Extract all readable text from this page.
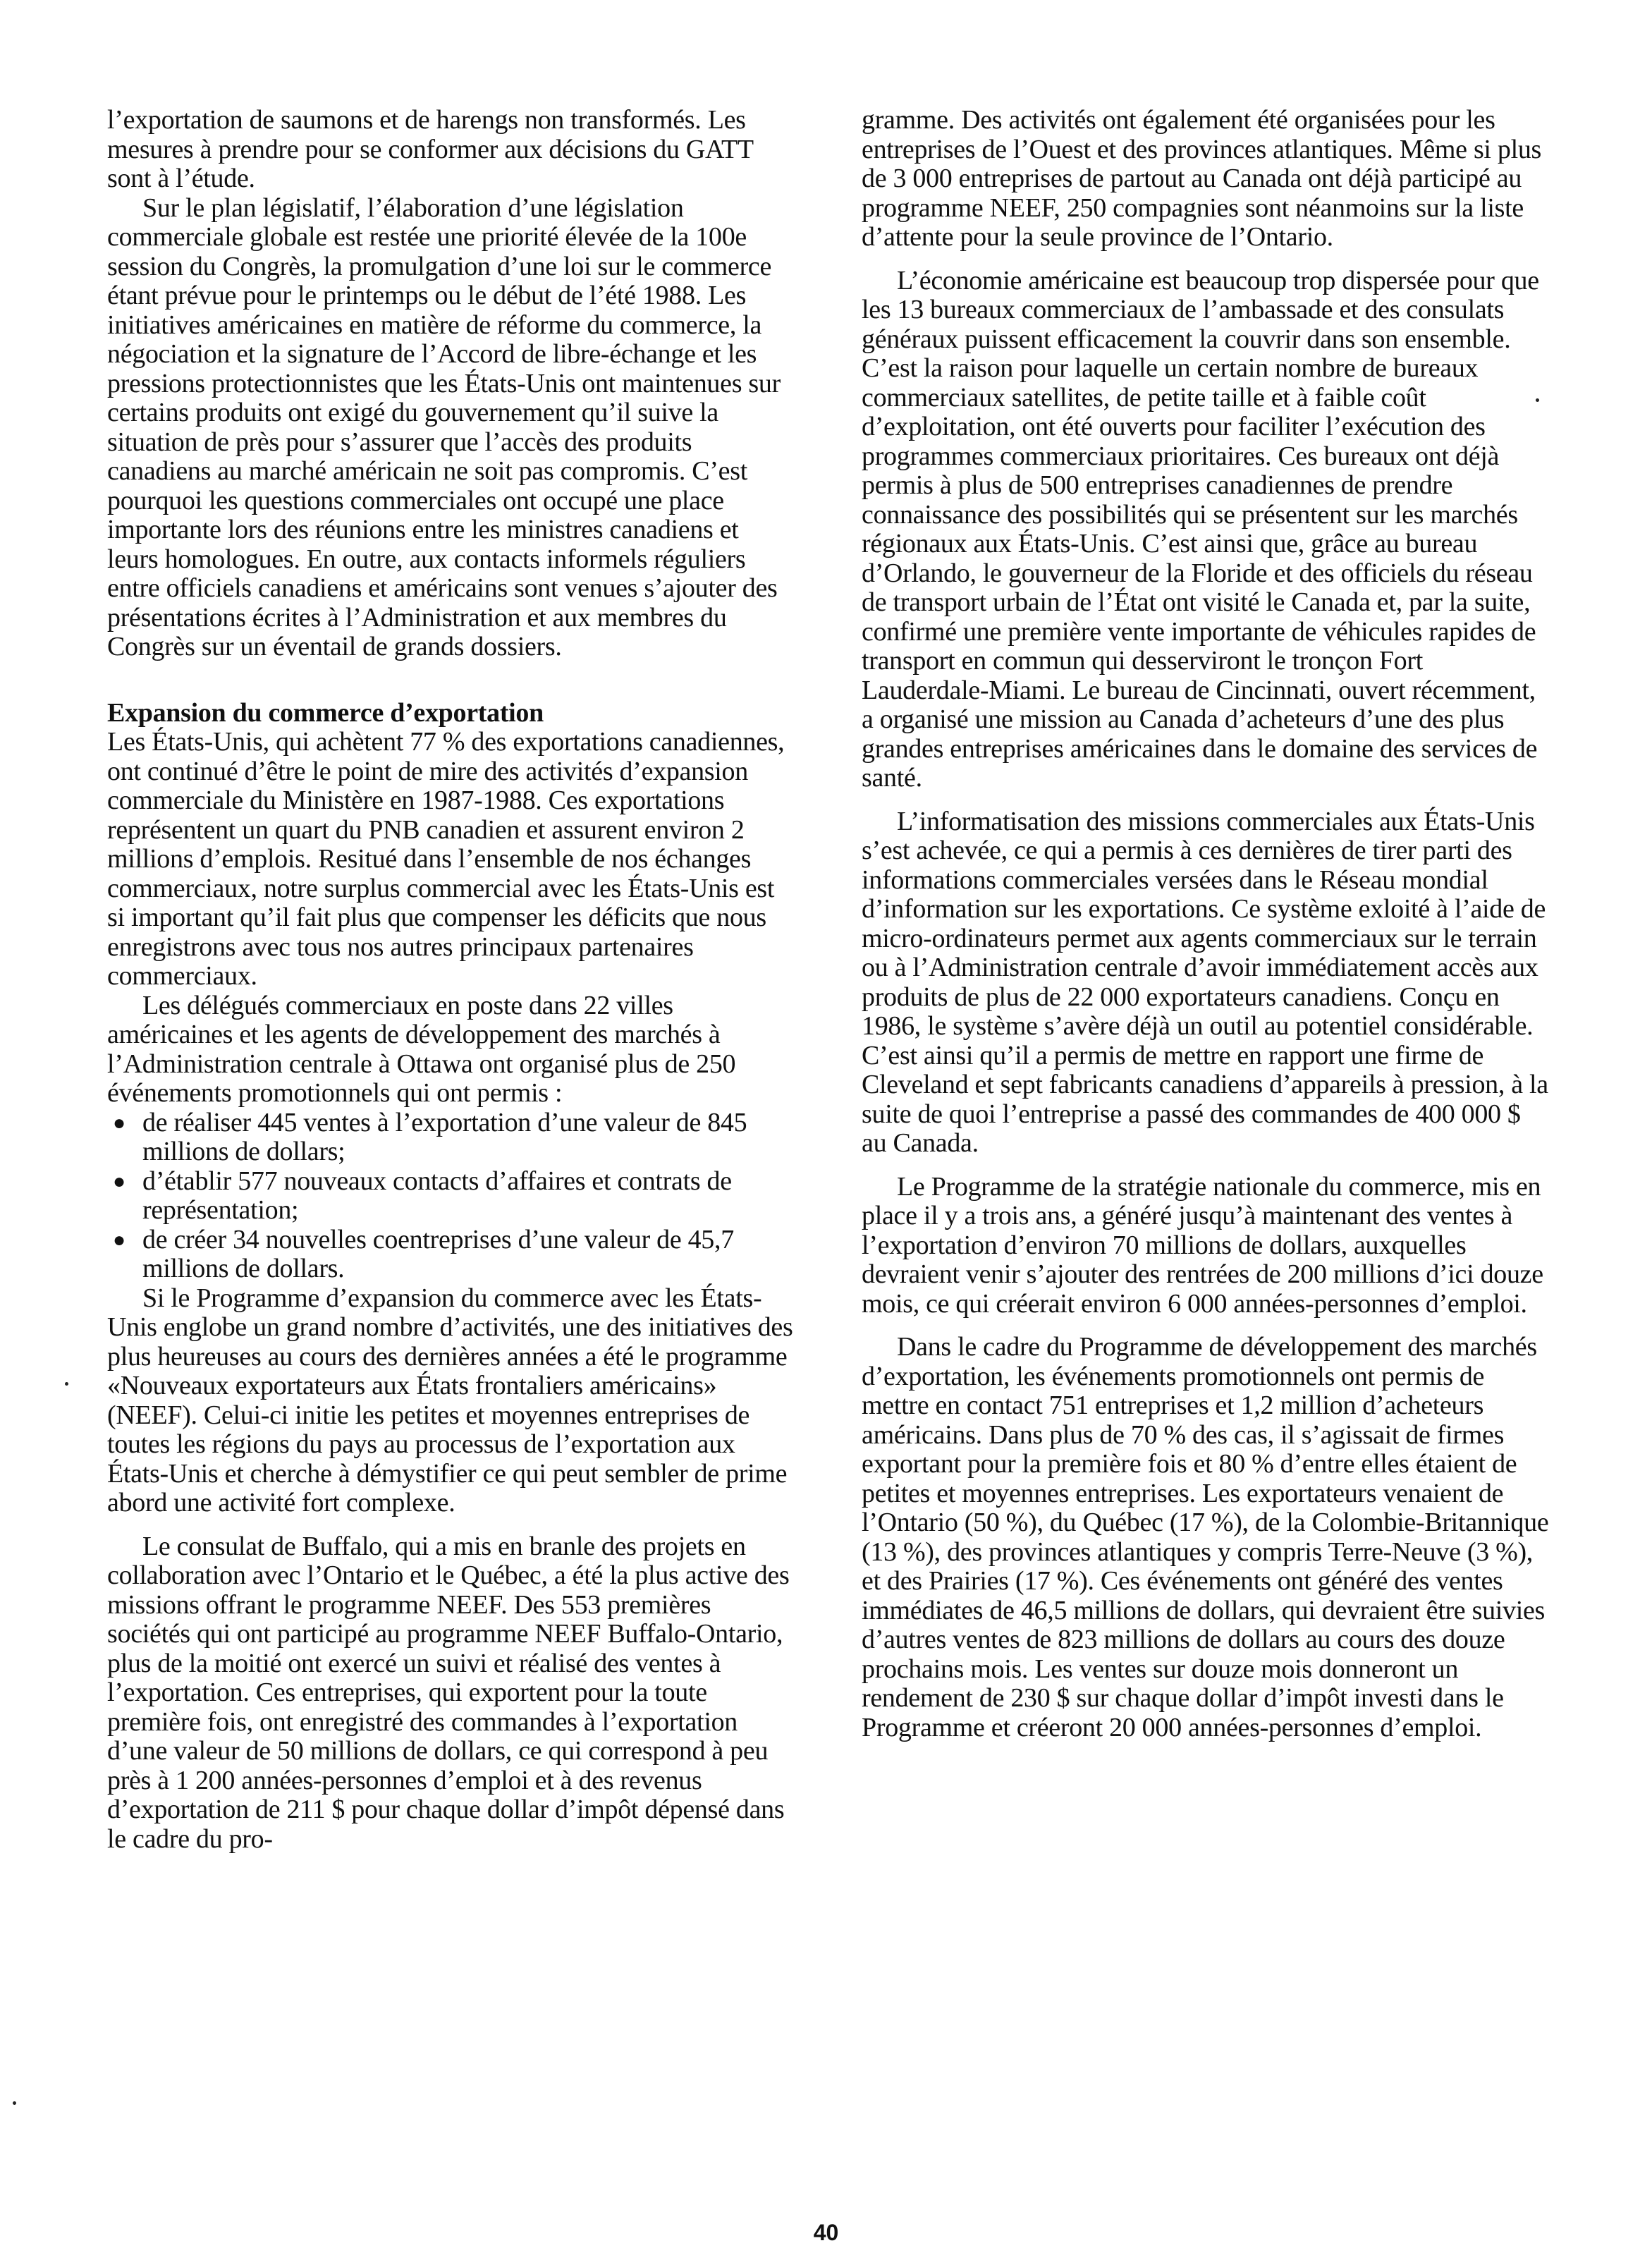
l’exportation de saumons et de harengs non transformés. Les mesures à prendre pour se conformer aux décisions du GATT sont à l’étude.

Sur le plan législatif, l’élaboration d’une législation commerciale globale est restée une priorité élevée de la 100e session du Congrès, la promulgation d’une loi sur le commerce étant prévue pour le printemps ou le début de l’été 1988. Les initiatives américaines en matière de réforme du commerce, la négociation et la signature de l’Accord de libre-échange et les pressions protectionnistes que les États-Unis ont maintenues sur certains produits ont exigé du gouvernement qu’il suive la situation de près pour s’assurer que l’accès des produits canadiens au marché américain ne soit pas compromis. C’est pourquoi les questions commerciales ont occupé une place importante lors des réunions entre les ministres canadiens et leurs homologues. En outre, aux contacts informels réguliers entre officiels canadiens et américains sont venues s’ajouter des présentations écrites à l’Administration et aux membres du Congrès sur un éventail de grands dossiers.

Expansion du commerce d’exportation

Les États-Unis, qui achètent 77 % des exportations canadiennes, ont continué d’être le point de mire des activités d’expansion commerciale du Ministère en 1987-1988. Ces exportations représentent un quart du PNB canadien et assurent environ 2 millions d’emplois. Resitué dans l’ensemble de nos échanges commerciaux, notre surplus commercial avec les États-Unis est si important qu’il fait plus que compenser les déficits que nous enregistrons avec tous nos autres principaux partenaires commerciaux.

Les délégués commerciaux en poste dans 22 villes américaines et les agents de développement des marchés à l’Administration centrale à Ottawa ont organisé plus de 250 événements promotionnels qui ont permis :

● de réaliser 445 ventes à l’exportation d’une valeur de 845 millions de dollars;
● d’établir 577 nouveaux contacts d’affaires et contrats de représentation;
● de créer 34 nouvelles coentreprises d’une valeur de 45,7 millions de dollars.

Si le Programme d’expansion du commerce avec les États-Unis englobe un grand nombre d’activités, une des initiatives des plus heureuses au cours des dernières années a été le programme «Nouveaux exportateurs aux États frontaliers américains» (NEEF). Celui-ci initie les petites et moyennes entreprises de toutes les régions du pays au processus de l’exportation aux États-Unis et cherche à démystifier ce qui peut sembler de prime abord une activité fort complexe.

Le consulat de Buffalo, qui a mis en branle des projets en collaboration avec l’Ontario et le Québec, a été la plus active des missions offrant le programme NEEF. Des 553 premières sociétés qui ont participé au programme NEEF Buffalo-Ontario, plus de la moitié ont exercé un suivi et réalisé des ventes à l’exportation. Ces entreprises, qui exportent pour la toute première fois, ont enregistré des commandes à l’exportation d’une valeur de 50 millions de dollars, ce qui correspond à peu près à 1 200 années-personnes d’emploi et à des revenus d’exportation de 211 $ pour chaque dollar d’impôt dépensé dans le cadre du pro-

gramme. Des activités ont également été organisées pour les entreprises de l’Ouest et des provinces atlantiques. Même si plus de 3 000 entreprises de partout au Canada ont déjà participé au programme NEEF, 250 compagnies sont néanmoins sur la liste d’attente pour la seule province de l’Ontario.

L’économie américaine est beaucoup trop dispersée pour que les 13 bureaux commerciaux de l’ambassade et des consulats généraux puissent efficacement la couvrir dans son ensemble. C’est la raison pour laquelle un certain nombre de bureaux commerciaux satellites, de petite taille et à faible coût d’exploitation, ont été ouverts pour faciliter l’exécution des programmes commerciaux prioritaires. Ces bureaux ont déjà permis à plus de 500 entreprises canadiennes de prendre connaissance des possibilités qui se présentent sur les marchés régionaux aux États-Unis. C’est ainsi que, grâce au bureau d’Orlando, le gouverneur de la Floride et des officiels du réseau de transport urbain de l’État ont visité le Canada et, par la suite, confirmé une première vente importante de véhicules rapides de transport en commun qui desserviront le tronçon Fort Lauderdale-Miami. Le bureau de Cincinnati, ouvert récemment, a organisé une mission au Canada d’acheteurs d’une des plus grandes entreprises américaines dans le domaine des services de santé.

L’informatisation des missions commerciales aux États-Unis s’est achevée, ce qui a permis à ces dernières de tirer parti des informations commerciales versées dans le Réseau mondial d’information sur les exportations. Ce système exloité à l’aide de micro-ordinateurs permet aux agents commerciaux sur le terrain ou à l’Administration centrale d’avoir immédiatement accès aux produits de plus de 22 000 exportateurs canadiens. Conçu en 1986, le système s’avère déjà un outil au potentiel considérable. C’est ainsi qu’il a permis de mettre en rapport une firme de Cleveland et sept fabricants canadiens d’appareils à pression, à la suite de quoi l’entreprise a passé des commandes de 400 000 $ au Canada.

Le Programme de la stratégie nationale du commerce, mis en place il y a trois ans, a généré jusqu’à maintenant des ventes à l’exportation d’environ 70 millions de dollars, auxquelles devraient venir s’ajouter des rentrées de 200 millions d’ici douze mois, ce qui créerait environ 6 000 années-personnes d’emploi.

Dans le cadre du Programme de développement des marchés d’exportation, les événements promotionnels ont permis de mettre en contact 751 entreprises et 1,2 million d’acheteurs américains. Dans plus de 70 % des cas, il s’agissait de firmes exportant pour la première fois et 80 % d’entre elles étaient de petites et moyennes entreprises. Les exportateurs venaient de l’Ontario (50 %), du Québec (17 %), de la Colombie-Britannique (13 %), des provinces atlantiques y compris Terre-Neuve (3 %), et des Prairies (17 %). Ces événements ont généré des ventes immédiates de 46,5 millions de dollars, qui devraient être suivies d’autres ventes de 823 millions de dollars au cours des douze prochains mois. Les ventes sur douze mois donneront un rendement de 230 $ sur chaque dollar d’impôt investi dans le Programme et créeront 20 000 années-personnes d’emploi.

40
